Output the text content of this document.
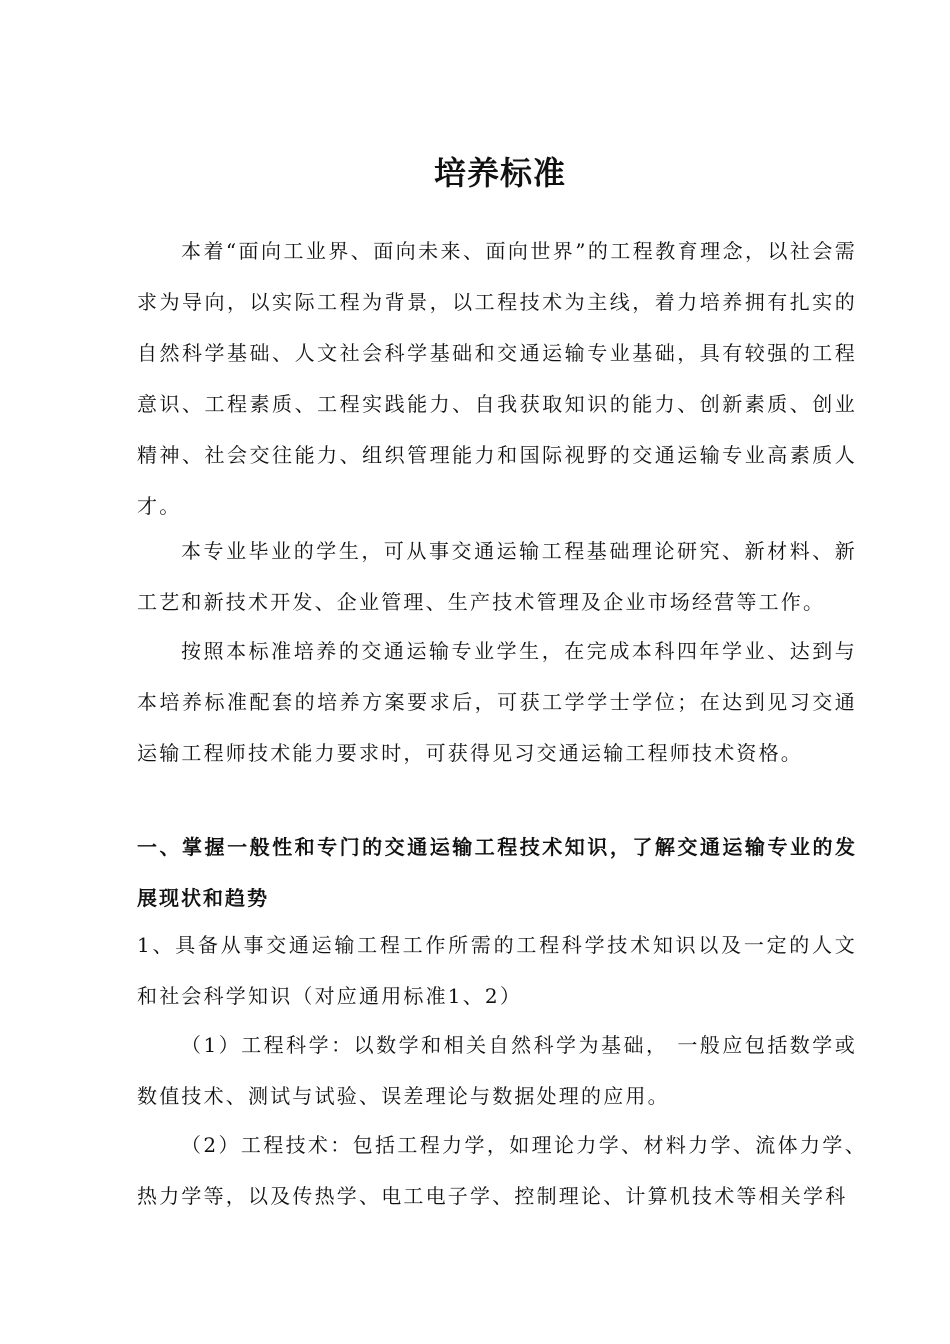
培养标准

本着“面向工业界、面向未来、面向世界”的工程教育理念，以社会需求为导向，以实际工程为背景，以工程技术为主线，着力培养拥有扎实的自然科学基础、人文社会科学基础和交通运输专业基础，具有较强的工程意识、工程素质、工程实践能力、自我获取知识的能力、创新素质、创业精神、社会交往能力、组织管理能力和国际视野的交通运输专业高素质人才。

本专业毕业的学生，可从事交通运输工程基础理论研究、新材料、新工艺和新技术开发、企业管理、生产技术管理及企业市场经营等工作。

按照本标准培养的交通运输专业学生，在完成本科四年学业、达到与本培养标准配套的培养方案要求后，可获工学学士学位；在达到见习交通运输工程师技术能力要求时，可获得见习交通运输工程师技术资格。

一、掌握一般性和专门的交通运输工程技术知识，了解交通运输专业的发展现状和趋势

1、具备从事交通运输工程工作所需的工程科学技术知识以及一定的人文和社会科学知识（对应通用标准1、2）

（1）工程科学：以数学和相关自然科学为基础， 一般应包括数学或数值技术、测试与试验、误差理论与数据处理的应用。

（2）工程技术：包括工程力学，如理论力学、材料力学、流体力学、热力学等，以及传热学、电工电子学、控制理论、计算机技术等相关学科
